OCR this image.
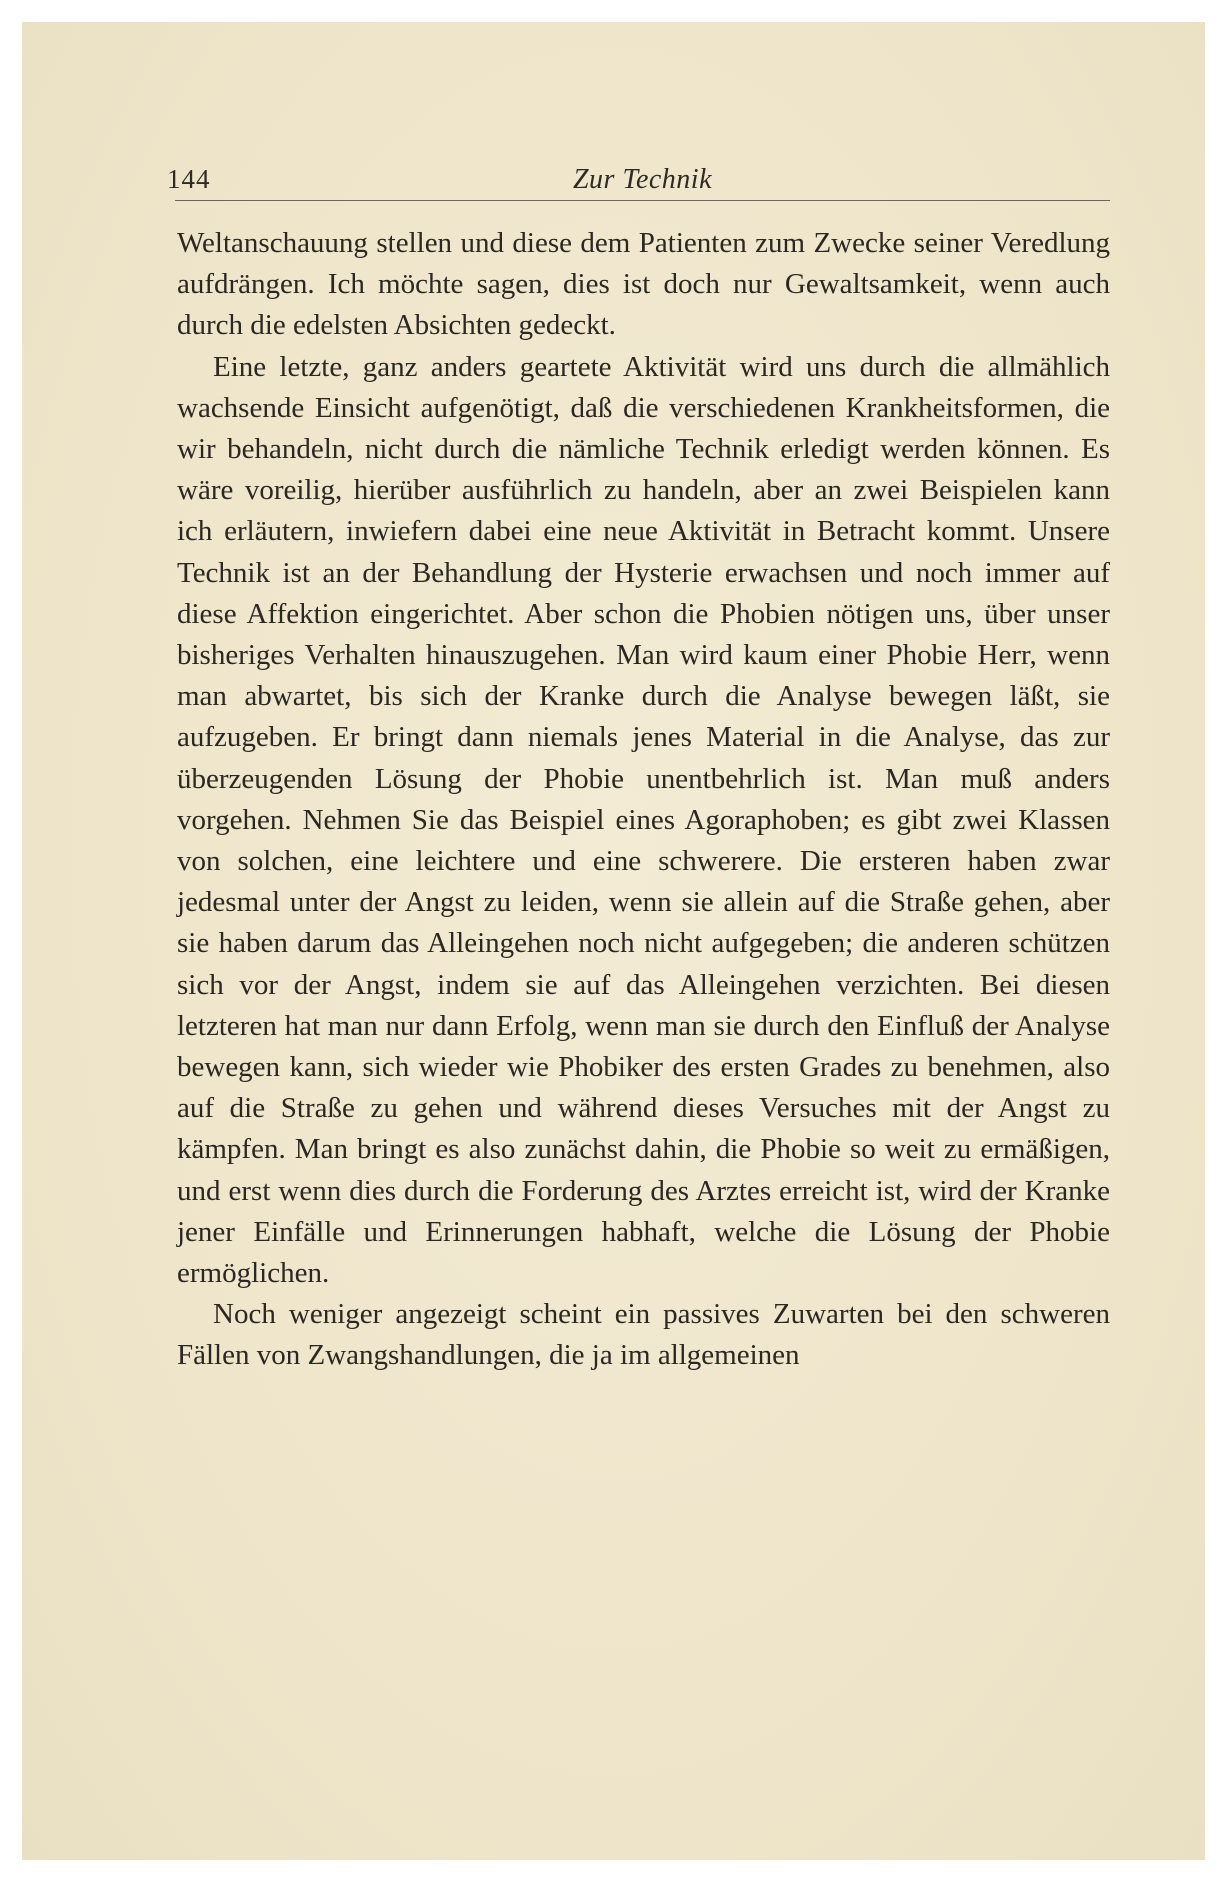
144	Zur Technik

Weltanschauung stellen und diese dem Patienten zum Zwecke seiner Veredlung aufdrängen. Ich möchte sagen, dies ist doch nur Gewaltsamkeit, wenn auch durch die edelsten Absichten gedeckt.

Eine letzte, ganz anders geartete Aktivität wird uns durch die allmählich wachsende Einsicht aufgenötigt, daß die verschiedenen Krankheitsformen, die wir behandeln, nicht durch die nämliche Technik erledigt werden können. Es wäre voreilig, hierüber ausführlich zu handeln, aber an zwei Beispielen kann ich erläutern, inwiefern dabei eine neue Aktivität in Betracht kommt. Unsere Technik ist an der Behandlung der Hysterie erwachsen und noch immer auf diese Affektion eingerichtet. Aber schon die Phobien nötigen uns, über unser bisheriges Verhalten hinauszugehen. Man wird kaum einer Phobie Herr, wenn man abwartet, bis sich der Kranke durch die Analyse bewegen läßt, sie aufzugeben. Er bringt dann niemals jenes Material in die Analyse, das zur überzeugenden Lösung der Phobie unentbehrlich ist. Man muß anders vorgehen. Nehmen Sie das Beispiel eines Agoraphoben; es gibt zwei Klassen von solchen, eine leichtere und eine schwerere. Die ersteren haben zwar jedesmal unter der Angst zu leiden, wenn sie allein auf die Straße gehen, aber sie haben darum das Alleingehen noch nicht aufgegeben; die anderen schützen sich vor der Angst, indem sie auf das Alleingehen verzichten. Bei diesen letzteren hat man nur dann Erfolg, wenn man sie durch den Einfluß der Analyse bewegen kann, sich wieder wie Phobiker des ersten Grades zu benehmen, also auf die Straße zu gehen und während dieses Versuches mit der Angst zu kämpfen. Man bringt es also zunächst dahin, die Phobie so weit zu ermäßigen, und erst wenn dies durch die Forderung des Arztes erreicht ist, wird der Kranke jener Einfälle und Erinnerungen habhaft, welche die Lösung der Phobie ermöglichen.

Noch weniger angezeigt scheint ein passives Zuwarten bei den schweren Fällen von Zwangshandlungen, die ja im allgemeinen
